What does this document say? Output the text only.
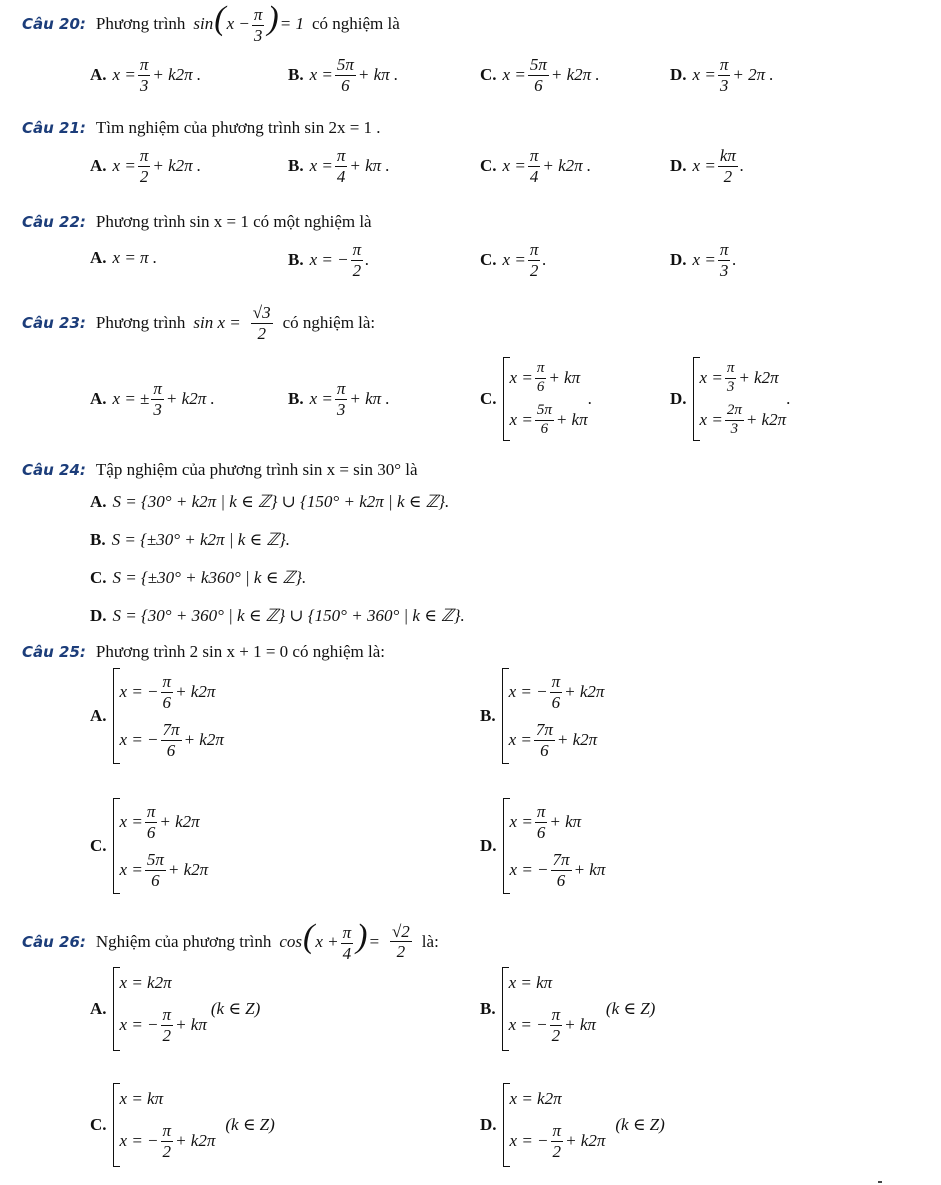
Câu 20: Phương trình $\sin(x - \frac{\pi}{3}$ )= 1 có nghiệm là
A. $x = \frac{\pi}{3} + k2\pi$ .	B. $x = \frac{5\pi}{6} + k\pi$ .	C. $x = \frac{5\pi}{6} + k2\pi$ .	D. $x = \frac{\pi}{3} + 2\pi$ .
Câu 21: Tìm nghiệm của phương trình sin 2x = 1 .
A. $x = \frac{\pi}{2} + k2\pi$ .	B. $x = \frac{\pi}{4} + k\pi$ .	C. $x = \frac{\pi}{4} + k2\pi$ .	D. $x = \frac{k\pi}{2}$ .
Câu 22: Phương trình sin x = 1 có một nghiệm là
A. x = π .	B. x = − $\frac{\pi}{2}$ .	C. $x = \frac{\pi}{2}$ .	D. $x = \frac{\pi}{3}$ .
Câu 23: Phương trình $\sin x = \frac{√3}{2}$ có nghiệm là:
A. x = ± $\frac{\pi}{3} + k2\pi$ .	B. $x = \frac{\pi}{3} + k\pi$ .	C.
$x = \frac{\pi}{6} + k\pi$
$x = \frac{5\pi}{6} + k\pi$
.	D.
$x = \frac{\pi}{3} + k2\pi$
$x = \frac{2\pi}{3} + k2\pi$
.
Câu 24: Tập nghiệm của phương trình sin x = sin 30° là
A. S = {30° + k2π | k ∈ ℤ} ∪ {150° + k2π | k ∈ ℤ}.
B. S = {±30° + k2π | k ∈ ℤ}.
C. S = {±30° + k360° | k ∈ ℤ}.
D. S = {30° + 360° | k ∈ ℤ} ∪ {150° + 360° | k ∈ ℤ}.
Câu 25: Phương trình 2 sin x + 1 = 0 có nghiệm là:
A.
x = − $\frac{\pi}{6} + k2\pi$
x = − $\frac{7\pi}{6} + k2\pi$
B.
x = − $\frac{\pi}{6} + k2\pi$
$x = \frac{7\pi}{6} + k2\pi$
C.
$x = \frac{\pi}{6} + k2\pi$
$x = \frac{5\pi}{6} + k2\pi$
D.
$x = \frac{\pi}{6} + k\pi$
x = − $\frac{7\pi}{6} + k\pi$
Câu 26: Nghiệm của phương trình $\cos(x + \frac{\pi}{4}$ )= $\frac{√2}{2}$ là:
A.
x = k2π
x = − $\frac{\pi}{2} + k\pi$
(k ∈ Z)	B.
x = kπ
x = − $\frac{\pi}{2} + k\pi$
(k ∈ Z)
C.
x = kπ
x = − $\frac{\pi}{2} + k2\pi$
(k ∈ Z)	D.
x = k2π
x = − $\frac{\pi}{2} + k2\pi$
(k ∈ Z)
